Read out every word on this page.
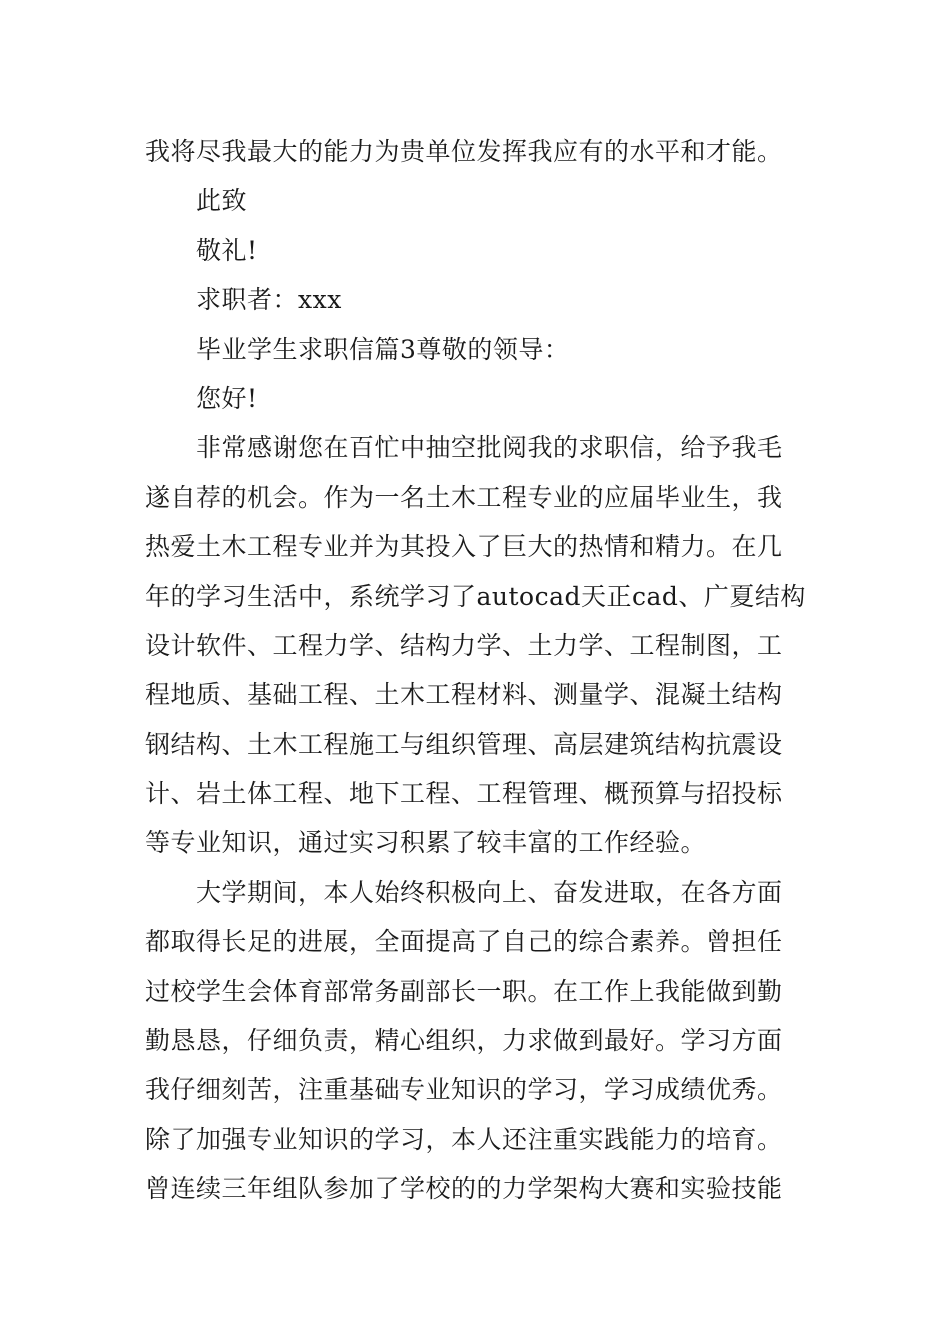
我将尽我最大的能力为贵单位发挥我应有的水平和才能。
此致
敬礼!
求职者：xxx
毕业学生求职信篇3尊敬的领导：
您好!
非常感谢您在百忙中抽空批阅我的求职信，给予我毛
遂自荐的机会。作为一名土木工程专业的应届毕业生，我
热爱土木工程专业并为其投入了巨大的热情和精力。在几
年的学习生活中，系统学习了autocad天正cad、广夏结构
设计软件、工程力学、结构力学、土力学、工程制图，工
程地质、基础工程、土木工程材料、测量学、混凝土结构
钢结构、土木工程施工与组织管理、高层建筑结构抗震设
计、岩土体工程、地下工程、工程管理、概预算与招投标
等专业知识，通过实习积累了较丰富的工作经验。
大学期间，本人始终积极向上、奋发进取，在各方面
都取得长足的进展，全面提高了自己的综合素养。曾担任
过校学生会体育部常务副部长一职。在工作上我能做到勤
勤恳恳，仔细负责，精心组织，力求做到最好。学习方面
我仔细刻苦，注重基础专业知识的学习，学习成绩优秀。
除了加强专业知识的学习，本人还注重实践能力的培育。
曾连续三年组队参加了学校的的力学架构大赛和实验技能
